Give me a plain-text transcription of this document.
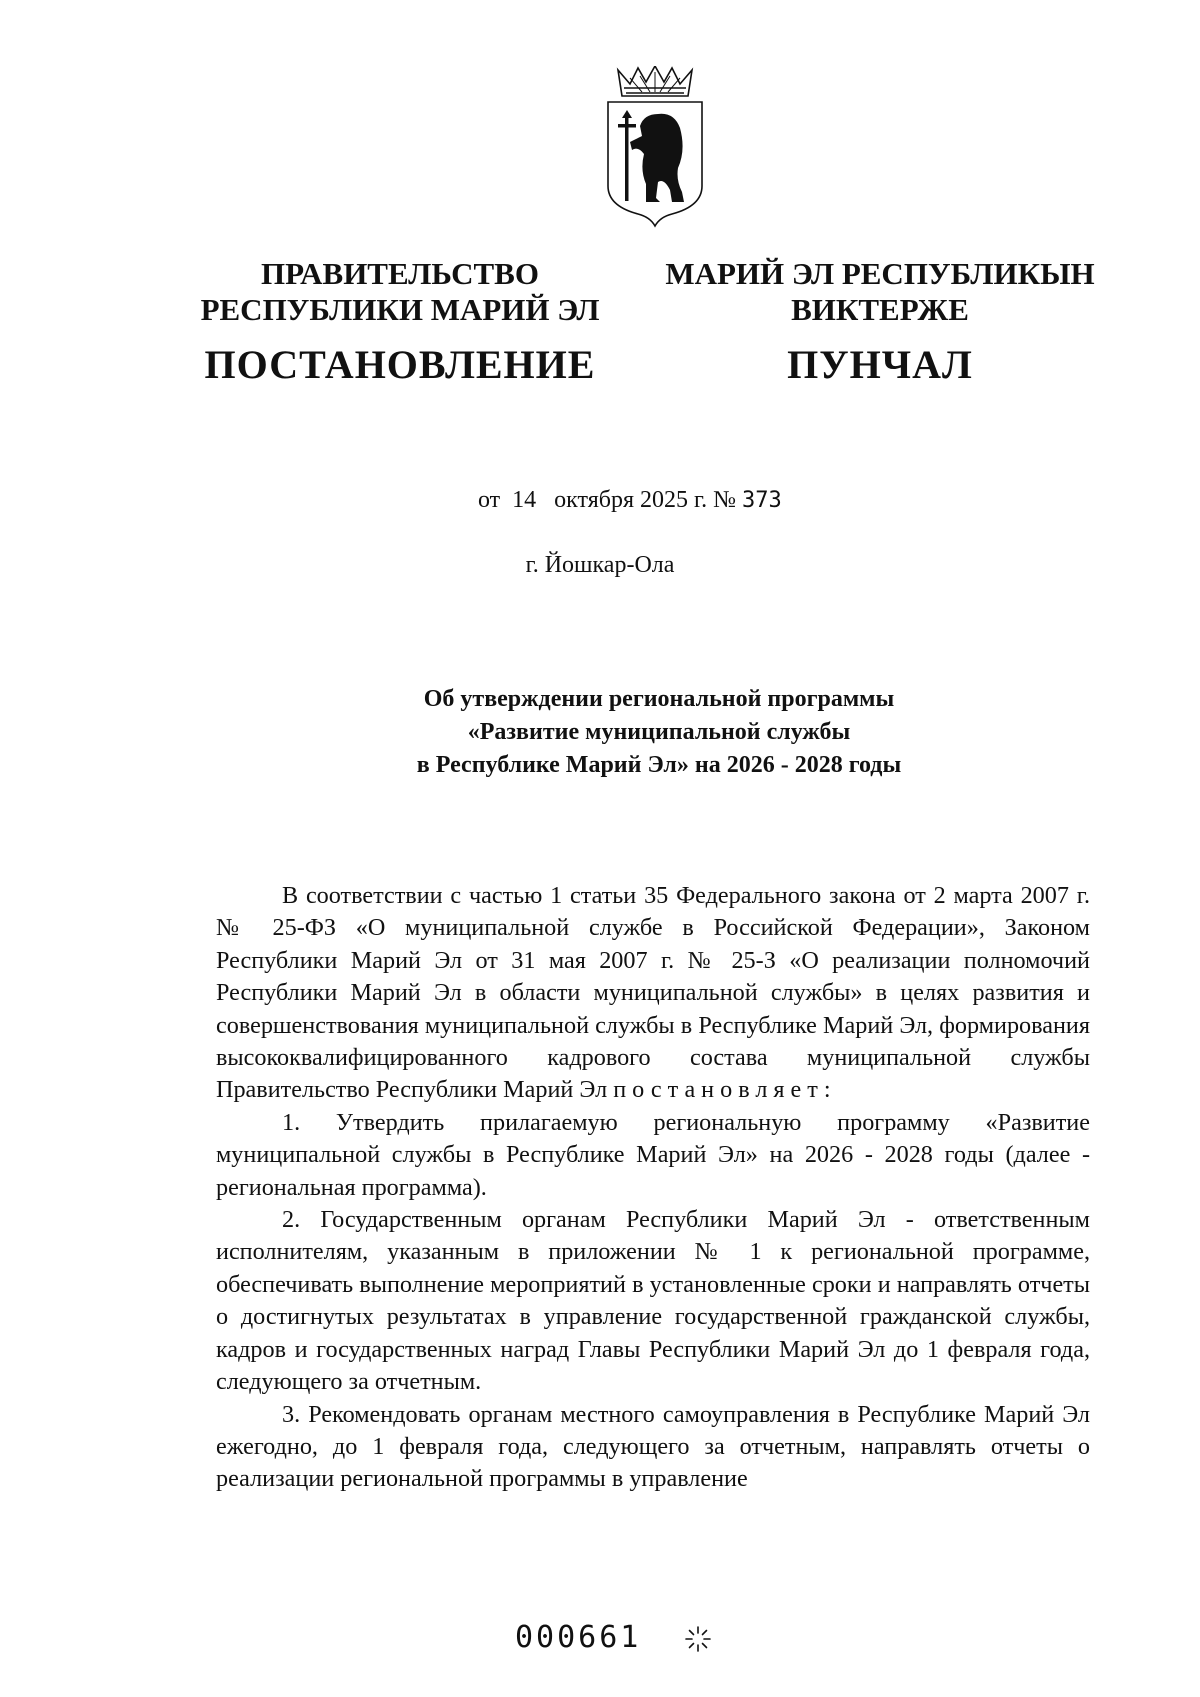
ПРАВИТЕЛЬСТВО
РЕСПУБЛИКИ МАРИЙ ЭЛ
ПОСТАНОВЛЕНИЕ
МАРИЙ ЭЛ РЕСПУБЛИКЫН
ВИКТЕРЖЕ
ПУНЧАЛ
от 14 октября 2025 г. № 373
г. Йошкар-Ола
Об утверждении региональной программы
«Развитие муниципальной службы
в Республике Марий Эл» на 2026 - 2028 годы

В соответствии с частью 1 статьи 35 Федерального закона от 2 марта 2007 г. № 25-ФЗ «О муниципальной службе в Российской Федерации», Законом Республики Марий Эл от 31 мая 2007 г. № 25-З «О реализации полномочий Республики Марий Эл в области муниципальной службы» в целях развития и совершенствования муниципальной службы в Республике Марий Эл, формирования высококвалифицированного кадрового состава муниципальной службы Правительство Республики Марий Эл постановляет:

1. Утвердить прилагаемую региональную программу «Развитие муниципальной службы в Республике Марий Эл» на 2026 - 2028 годы (далее - региональная программа).

2. Государственным органам Республики Марий Эл - ответственным исполнителям, указанным в приложении № 1 к региональной программе, обеспечивать выполнение мероприятий в установленные сроки и направлять отчеты о достигнутых результатах в управление государственной гражданской службы, кадров и государственных наград Главы Республики Марий Эл до 1 февраля года, следующего за отчетным.

3. Рекомендовать органам местного самоуправления в Республике Марий Эл ежегодно, до 1 февраля года, следующего за отчетным, направлять отчеты о реализации региональной программы в управление

000661
